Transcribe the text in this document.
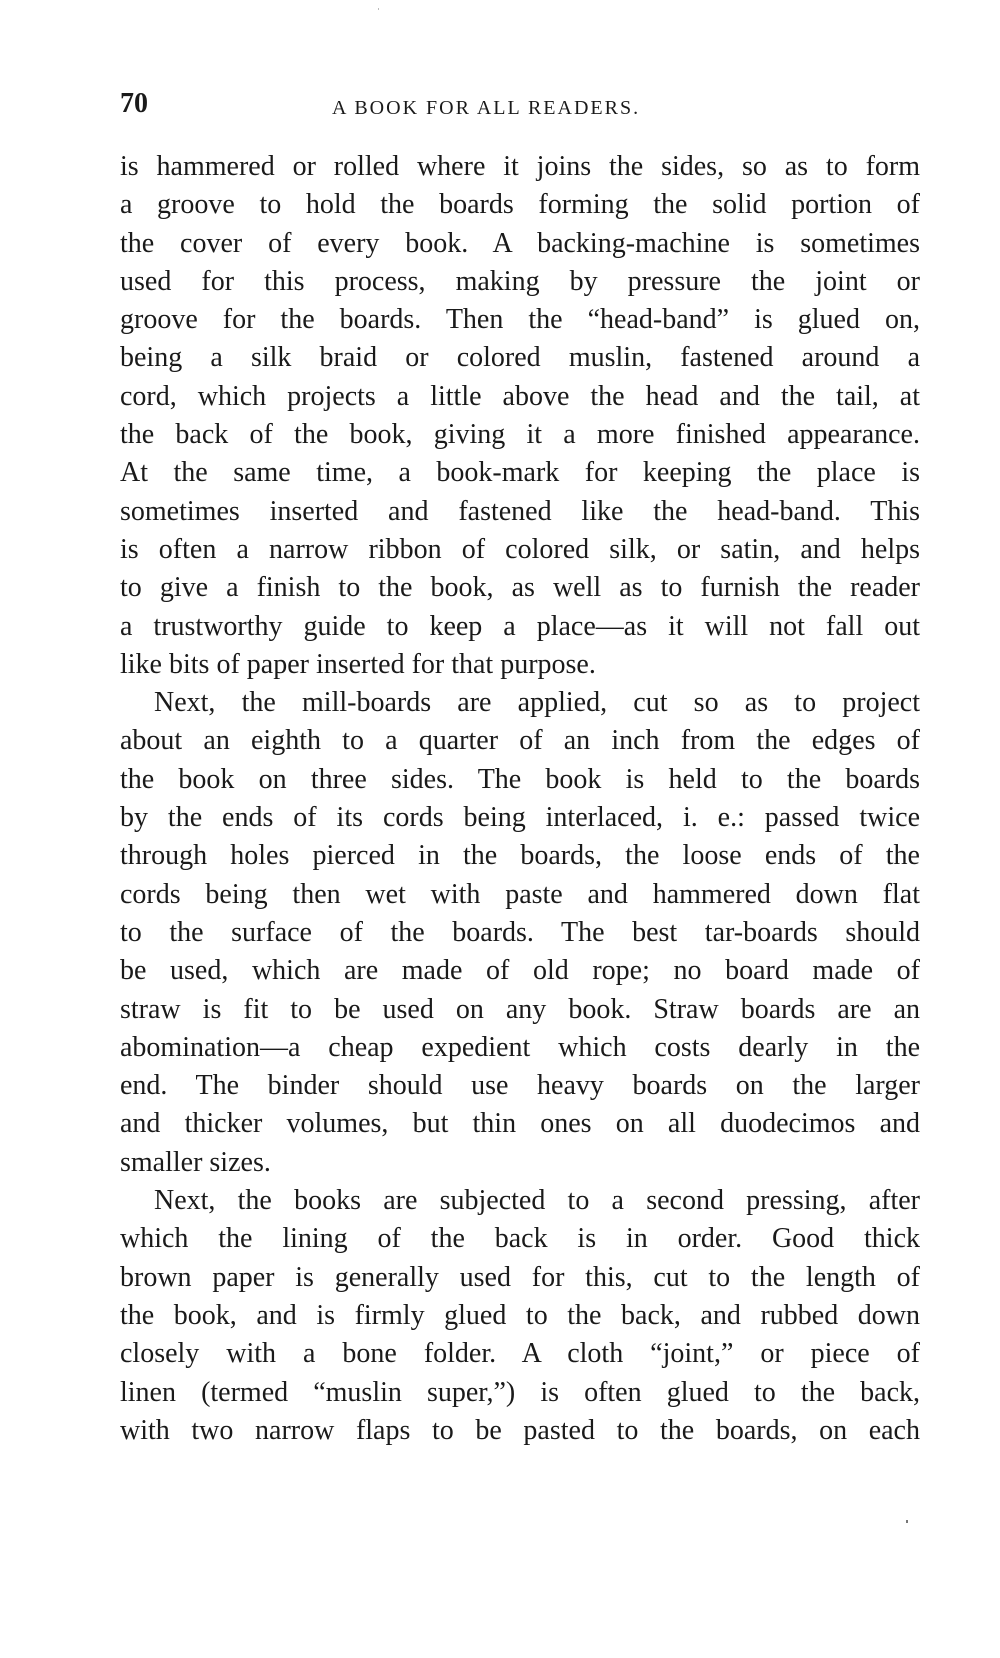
70	A BOOK FOR ALL READERS.
is hammered or rolled where it joins the sides, so as to form
a groove to hold the boards forming the solid portion of
the cover of every book. A backing-machine is sometimes
used for this process, making by pressure the joint or
groove for the boards. Then the “head-band” is glued on,
being a silk braid or colored muslin, fastened around a
cord, which projects a little above the head and the tail, at
the back of the book, giving it a more finished appearance.
At the same time, a book-mark for keeping the place is
sometimes inserted and fastened like the head-band. This
is often a narrow ribbon of colored silk, or satin, and helps
to give a finish to the book, as well as to furnish the reader
a trustworthy guide to keep a place—as it will not fall out
like bits of paper inserted for that purpose.
Next, the mill-boards are applied, cut so as to project
about an eighth to a quarter of an inch from the edges of
the book on three sides. The book is held to the boards
by the ends of its cords being interlaced, i. e.: passed twice
through holes pierced in the boards, the loose ends of the
cords being then wet with paste and hammered down flat
to the surface of the boards. The best tar-boards should
be used, which are made of old rope; no board made of
straw is fit to be used on any book. Straw boards are an
abomination—a cheap expedient which costs dearly in the
end. The binder should use heavy boards on the larger
and thicker volumes, but thin ones on all duodecimos and
smaller sizes.
Next, the books are subjected to a second pressing, after
which the lining of the back is in order. Good thick
brown paper is generally used for this, cut to the length of
the book, and is firmly glued to the back, and rubbed down
closely with a bone folder. A cloth “joint,” or piece of
linen (termed “muslin super,”) is often glued to the back,
with two narrow flaps to be pasted to the boards, on each
